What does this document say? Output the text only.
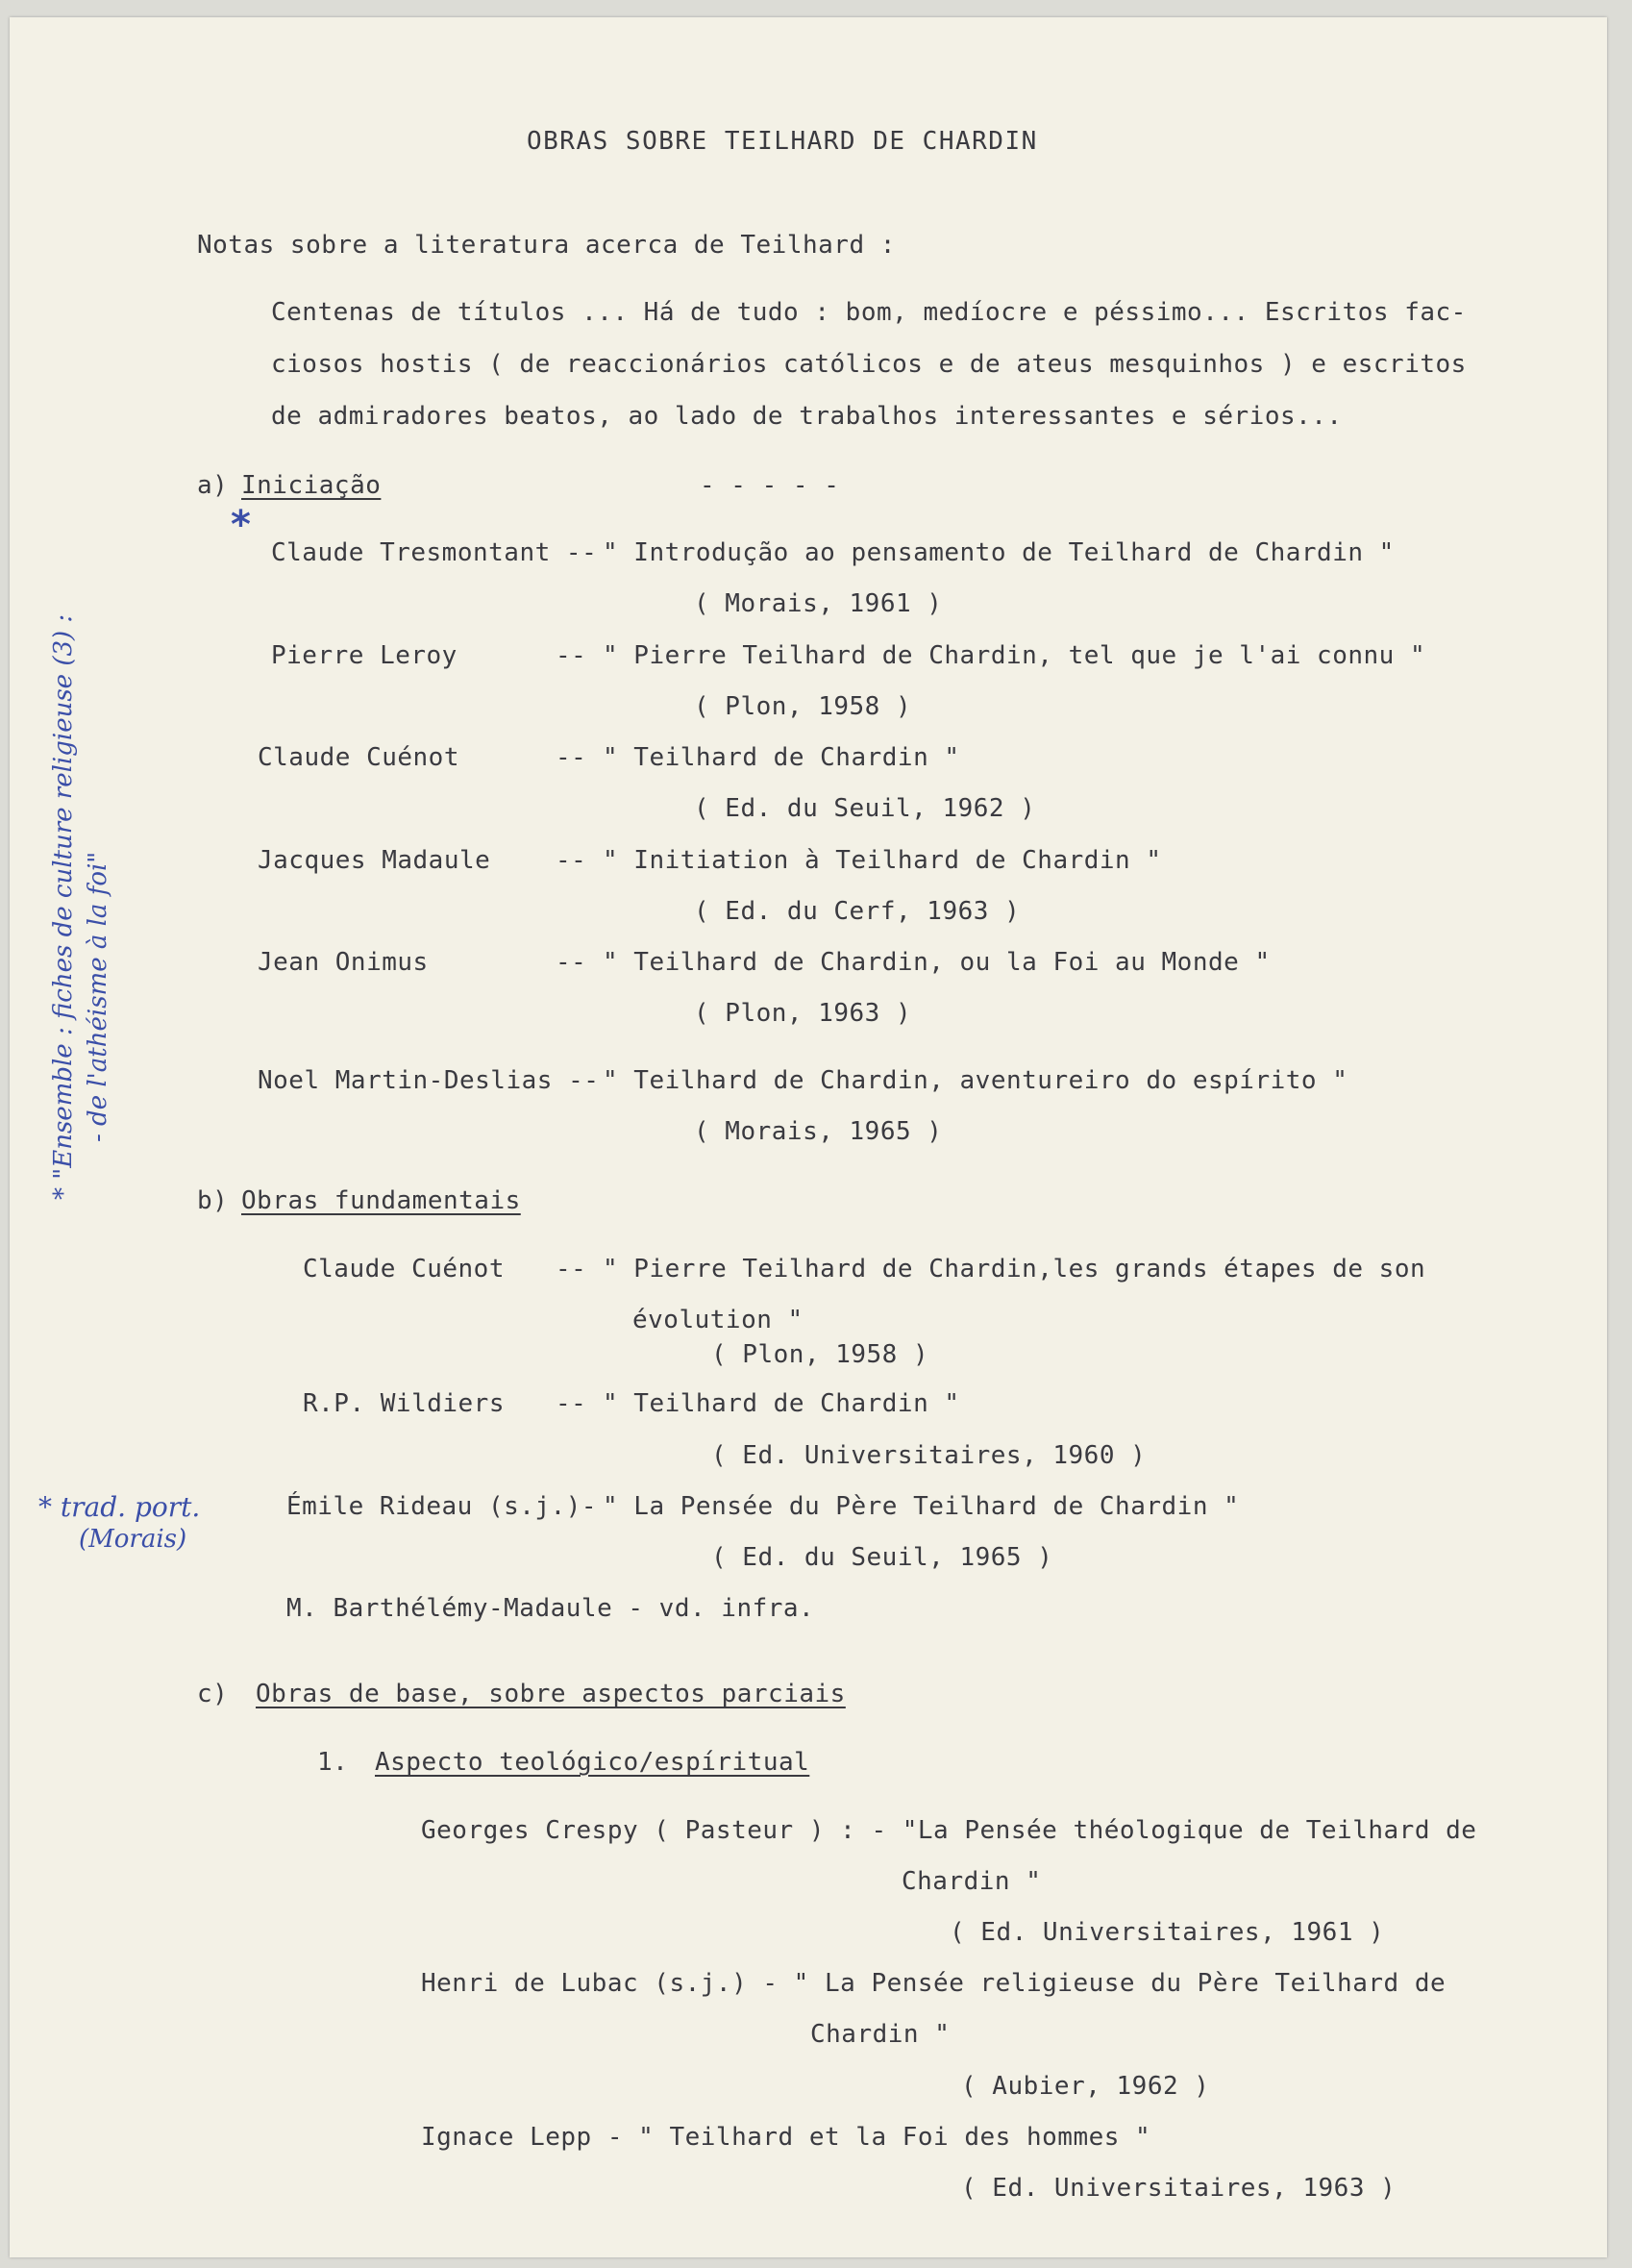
OBRAS SOBRE TEILHARD DE CHARDIN
Notas sobre a literatura acerca de Teilhard :
Centenas de títulos ... Há de tudo : bom, medíocre e péssimo... Escritos fac-
ciosos hostis ( de reaccionários católicos e de ateus mesquinhos ) e escritos
de admiradores beatos, ao lado de trabalhos interessantes e sérios...
a) Iniciação	- - - - -
*
Claude Tresmontant -- " Introdução ao pensamento de Teilhard de Chardin "
( Morais, 1961 )
Pierre Leroy	-- " Pierre Teilhard de Chardin, tel que je l'ai connu "
( Plon, 1958 )
Claude Cuénot	-- " Teilhard de Chardin "
( Ed. du Seuil, 1962 )
Jacques Madaule	-- " Initiation à Teilhard de Chardin "
( Ed. du Cerf, 1963 )
Jean Onimus	-- " Teilhard de Chardin, ou la Foi au Monde "
( Plon, 1963 )
Noel Martin-Deslias -- " Teilhard de Chardin, aventureiro do espírito "
( Morais, 1965 )
b) Obras fundamentais
Claude Cuénot -- " Pierre Teilhard de Chardin,les grands étapes de son
évolution "
( Plon, 1958 )
R.P. Wildiers -- " Teilhard de Chardin "
( Ed. Universitaires, 1960 )
Émile Rideau (s.j.)- " La Pensée du Père Teilhard de Chardin "
( Ed. du Seuil, 1965 )
M. Barthélémy-Madaule - vd. infra.
c) Obras de base, sobre aspectos parciais
1. Aspecto teológico/espíritual
Georges Crespy ( Pasteur ) : - "La Pensée théologique de Teilhard de
Chardin "
( Ed. Universitaires, 1961 )
Henri de Lubac (s.j.) - " La Pensée religieuse du Père Teilhard de
Chardin "
( Aubier, 1962 )
Ignace Lepp - " Teilhard et la Foi des hommes "
( Ed. Universitaires, 1963 )
* "Ensemble : fiches de culture religieuse (3) : - de l'athéisme à la foi"
* trad. port.
(Morais)
